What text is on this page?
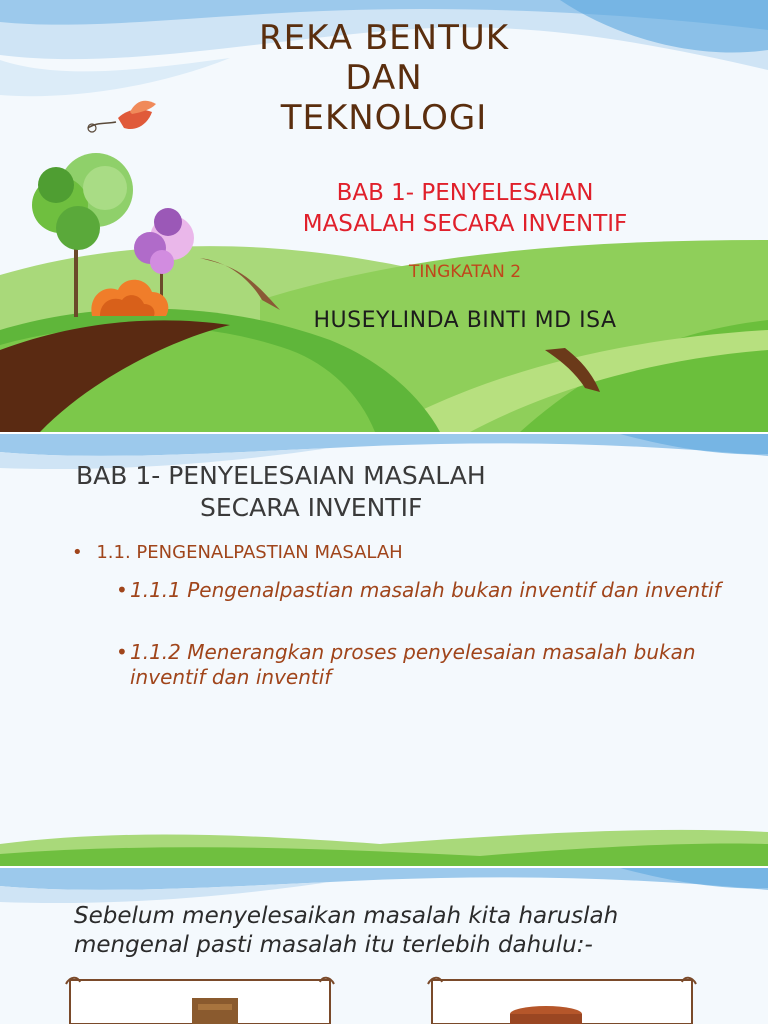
REKA BENTUK
DAN
TEKNOLOGI
BAB 1- PENYELESAIAN
MASALAH SECARA INVENTIF
TINGKATAN 2
HUSEYLINDA BINTI MD ISA
BAB 1- PENYELESAIAN MASALAH
SECARA INVENTIF
• 1.1. PENGENALPASTIAN MASALAH
• 1.1.1 Pengenalpastian masalah bukan inventif dan inventif
• 1.1.2 Menerangkan proses penyelesaian masalah bukan inventif dan inventif
Sebelum menyelesaikan masalah kita haruslah mengenal pasti masalah itu terlebih dahulu:-
